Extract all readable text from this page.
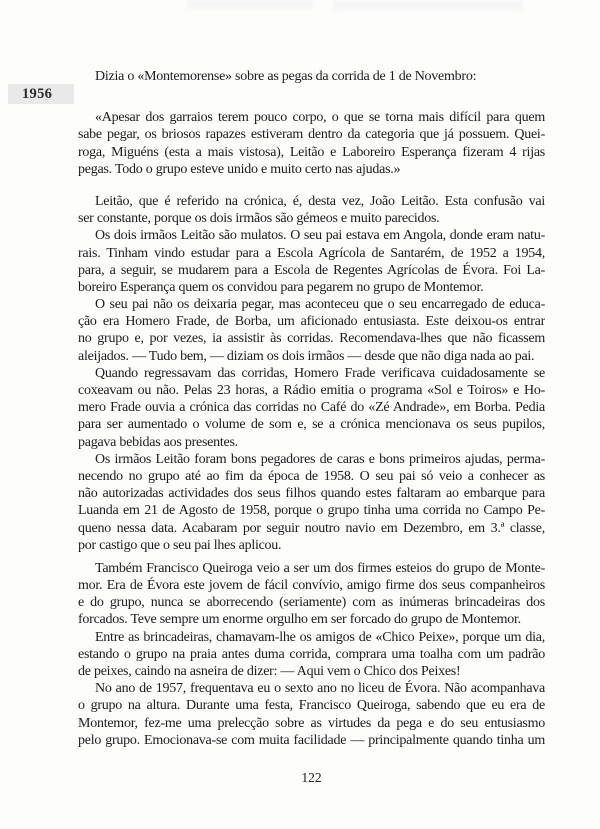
1956
Dizia o «Montemorense» sobre as pegas da corrida de 1 de Novembro:
«Apesar dos garraios terem pouco corpo, o que se torna mais difícil para quem
sabe pegar, os briosos rapazes estiveram dentro da categoria que já possuem. Quei-
roga, Miguéns (esta a mais vistosa), Leitão e Laboreiro Esperança fizeram 4 rijas
pegas. Todo o grupo esteve unido e muito certo nas ajudas.»
Leitão, que é referido na crónica, é, desta vez, João Leitão. Esta confusão vai
ser constante, porque os dois irmãos são gémeos e muito parecidos.
Os dois irmãos Leitão são mulatos. O seu pai estava em Angola, donde eram natu-
rais. Tinham vindo estudar para a Escola Agrícola de Santarém, de 1952 a 1954,
para, a seguir, se mudarem para a Escola de Regentes Agrícolas de Évora. Foi La-
boreiro Esperança quem os convidou para pegarem no grupo de Montemor.
O seu pai não os deixaria pegar, mas aconteceu que o seu encarregado de educa-
ção era Homero Frade, de Borba, um aficionado entusiasta. Este deixou-os entrar
no grupo e, por vezes, ia assistir às corridas. Recomendava-lhes que não ficassem
aleijados. — Tudo bem, — diziam os dois irmãos — desde que não diga nada ao pai.
Quando regressavam das corridas, Homero Frade verificava cuidadosamente se
coxeavam ou não. Pelas 23 horas, a Rádio emitia o programa «Sol e Toiros» e Ho-
mero Frade ouvia a crónica das corridas no Café do «Zé Andrade», em Borba. Pedia
para ser aumentado o volume de som e, se a crónica mencionava os seus pupilos,
pagava bebidas aos presentes.
Os irmãos Leitão foram bons pegadores de caras e bons primeiros ajudas, perma-
necendo no grupo até ao fim da época de 1958. O seu pai só veio a conhecer as
não autorizadas actividades dos seus filhos quando estes faltaram ao embarque para
Luanda em 21 de Agosto de 1958, porque o grupo tinha uma corrida no Campo Pe-
queno nessa data. Acabaram por seguir noutro navio em Dezembro, em 3.ª classe,
por castigo que o seu pai lhes aplicou.
Também Francisco Queiroga veio a ser um dos firmes esteios do grupo de Monte-
mor. Era de Évora este jovem de fácil convívio, amigo firme dos seus companheiros
e do grupo, nunca se aborrecendo (seriamente) com as inúmeras brincadeiras dos
forcados. Teve sempre um enorme orgulho em ser forcado do grupo de Montemor.
Entre as brincadeiras, chamavam-lhe os amigos de «Chico Peixe», porque um dia,
estando o grupo na praia antes duma corrida, comprara uma toalha com um padrão
de peixes, caindo na asneira de dizer: — Aqui vem o Chico dos Peixes!
No ano de 1957, frequentava eu o sexto ano no liceu de Évora. Não acompanhava
o grupo na altura. Durante uma festa, Francisco Queiroga, sabendo que eu era de
Montemor, fez-me uma prelecção sobre as virtudes da pega e do seu entusiasmo
pelo grupo. Emocionava-se com muita facilidade — principalmente quando tinha um
122
